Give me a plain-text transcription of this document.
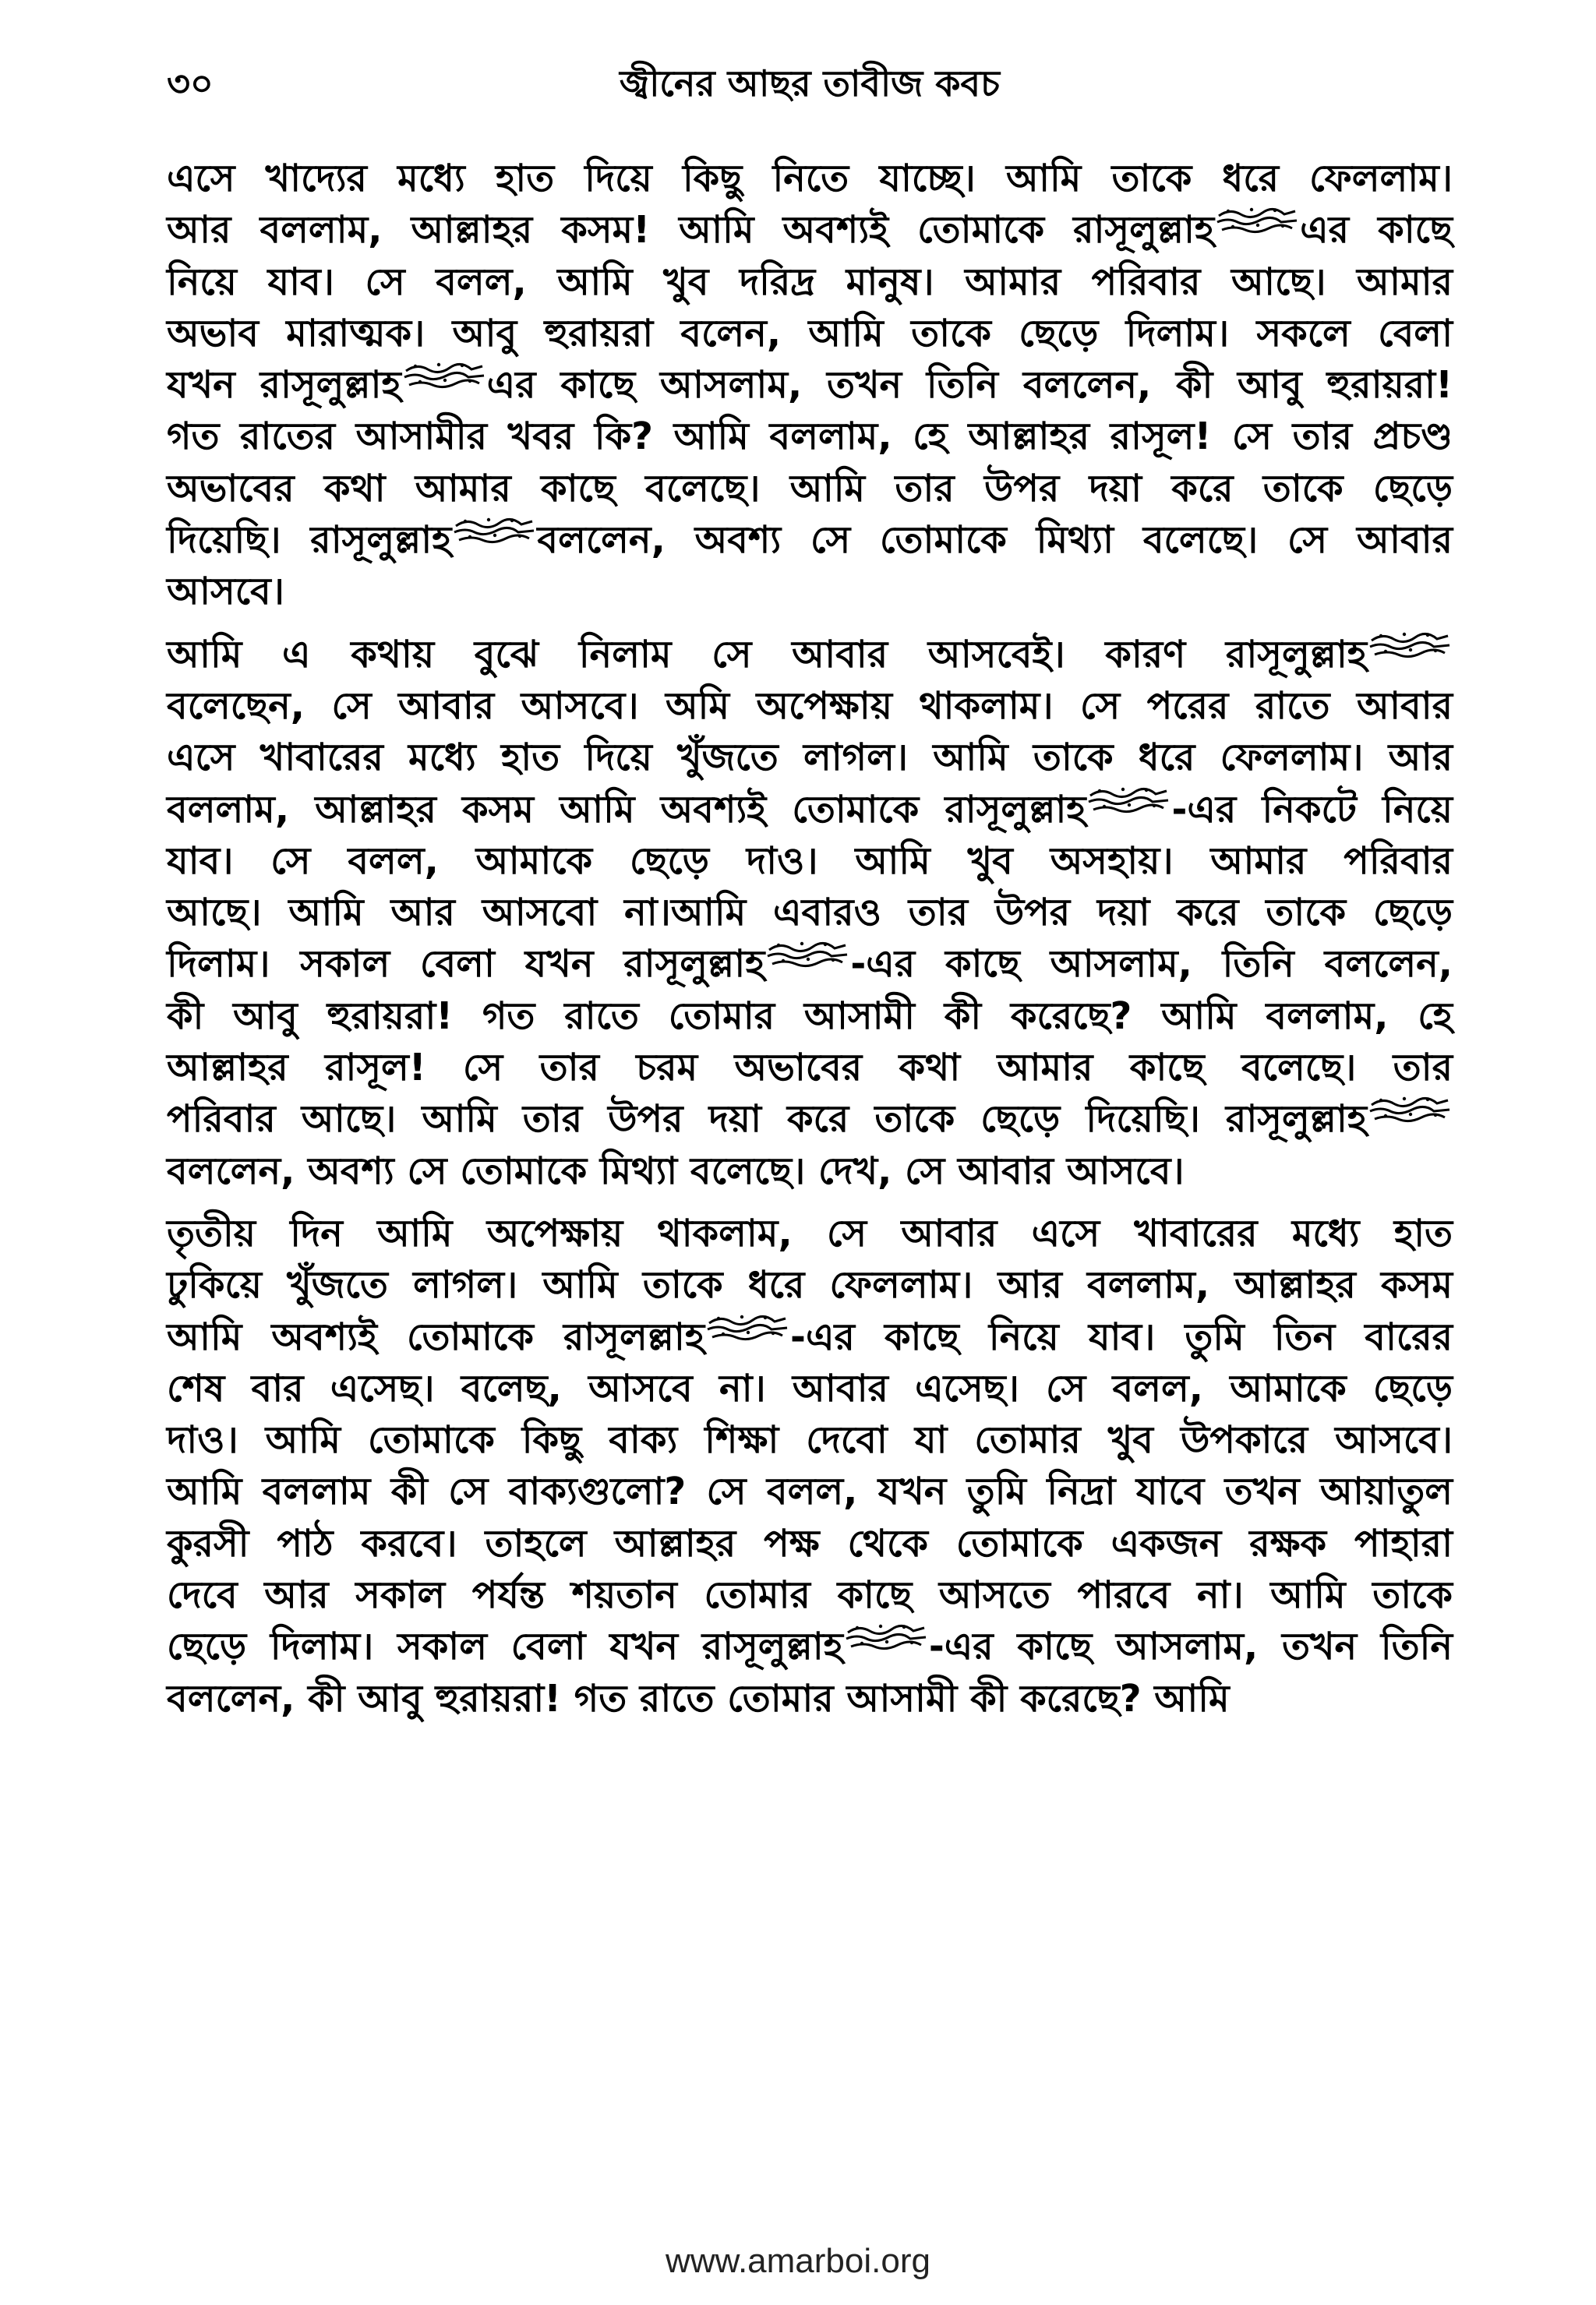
৩০	জ্বীনের আছর তাবীজ কবচ
এসে খাদ্যের মধ্যে হাত দিয়ে কিছু নিতে যাচ্ছে। আমি তাকে ধরে ফেললাম।
আর বললাম, আল্লাহর কসম! আমি অবশ্যই তোমাকে রাসূলুল্লাহ এর কাছে
নিয়ে যাব। সে বলল, আমি খুব দরিদ্র মানুষ। আমার পরিবার আছে। আমার
অভাব মারাত্মক। আবু হুরায়রা বলেন, আমি তাকে ছেড়ে দিলাম। সকলে বেলা
যখন রাসূলুল্লাহ এর কাছে আসলাম, তখন তিনি বললেন, কী আবু হুরায়রা!
গত রাতের আসামীর খবর কি? আমি বললাম, হে আল্লাহর রাসূল! সে তার প্রচণ্ড
অভাবের কথা আমার কাছে বলেছে। আমি তার উপর দয়া করে তাকে ছেড়ে
দিয়েছি। রাসূলুল্লাহ বললেন, অবশ্য সে তোমাকে মিথ্যা বলেছে। সে আবার
আসবে।
আমি এ কথায় বুঝে নিলাম সে আবার আসবেই। কারণ রাসূলুল্লাহ
বলেছেন, সে আবার আসবে। অমি অপেক্ষায় থাকলাম। সে পরের রাতে আবার
এসে খাবারের মধ্যে হাত দিয়ে খুঁজতে লাগল। আমি তাকে ধরে ফেললাম। আর
বললাম, আল্লাহর কসম আমি অবশ্যই তোমাকে রাসূলুল্লাহ -এর নিকটে নিয়ে
যাব। সে বলল, আমাকে ছেড়ে দাও। আমি খুব অসহায়। আমার পরিবার
আছে। আমি আর আসবো না।আমি এবারও তার উপর দয়া করে তাকে ছেড়ে
দিলাম। সকাল বেলা যখন রাসূলুল্লাহ -এর কাছে আসলাম, তিনি বললেন,
কী আবু হুরায়রা! গত রাতে তোমার আসামী কী করেছে? আমি বললাম, হে
আল্লাহর রাসূল! সে তার চরম অভাবের কথা আমার কাছে বলেছে। তার
পরিবার আছে। আমি তার উপর দয়া করে তাকে ছেড়ে দিয়েছি। রাসূলুল্লাহ
বললেন, অবশ্য সে তোমাকে মিথ্যা বলেছে। দেখ, সে আবার আসবে।
তৃতীয় দিন আমি অপেক্ষায় থাকলাম, সে আবার এসে খাবারের মধ্যে হাত
ঢুকিয়ে খুঁজতে লাগল। আমি তাকে ধরে ফেললাম। আর বললাম, আল্লাহর কসম
আমি অবশ্যই তোমাকে রাসূলল্লাহ -এর কাছে নিয়ে যাব। তুমি তিন বারের
শেষ বার এসেছ। বলেছ, আসবে না। আবার এসেছ। সে বলল, আমাকে ছেড়ে
দাও। আমি তোমাকে কিছু বাক্য শিক্ষা দেবো যা তোমার খুব উপকারে আসবে।
আমি বললাম কী সে বাক্যগুলো? সে বলল, যখন তুমি নিদ্রা যাবে তখন আয়াতুল
কুরসী পাঠ করবে। তাহলে আল্লাহর পক্ষ থেকে তোমাকে একজন রক্ষক পাহারা
দেবে আর সকাল পর্যন্ত শয়তান তোমার কাছে আসতে পারবে না। আমি তাকে
ছেড়ে দিলাম। সকাল বেলা যখন রাসূলুল্লাহ -এর কাছে আসলাম, তখন তিনি
বললেন, কী আবু হুরায়রা! গত রাতে তোমার আসামী কী করেছে? আমি
www.amarboi.org
